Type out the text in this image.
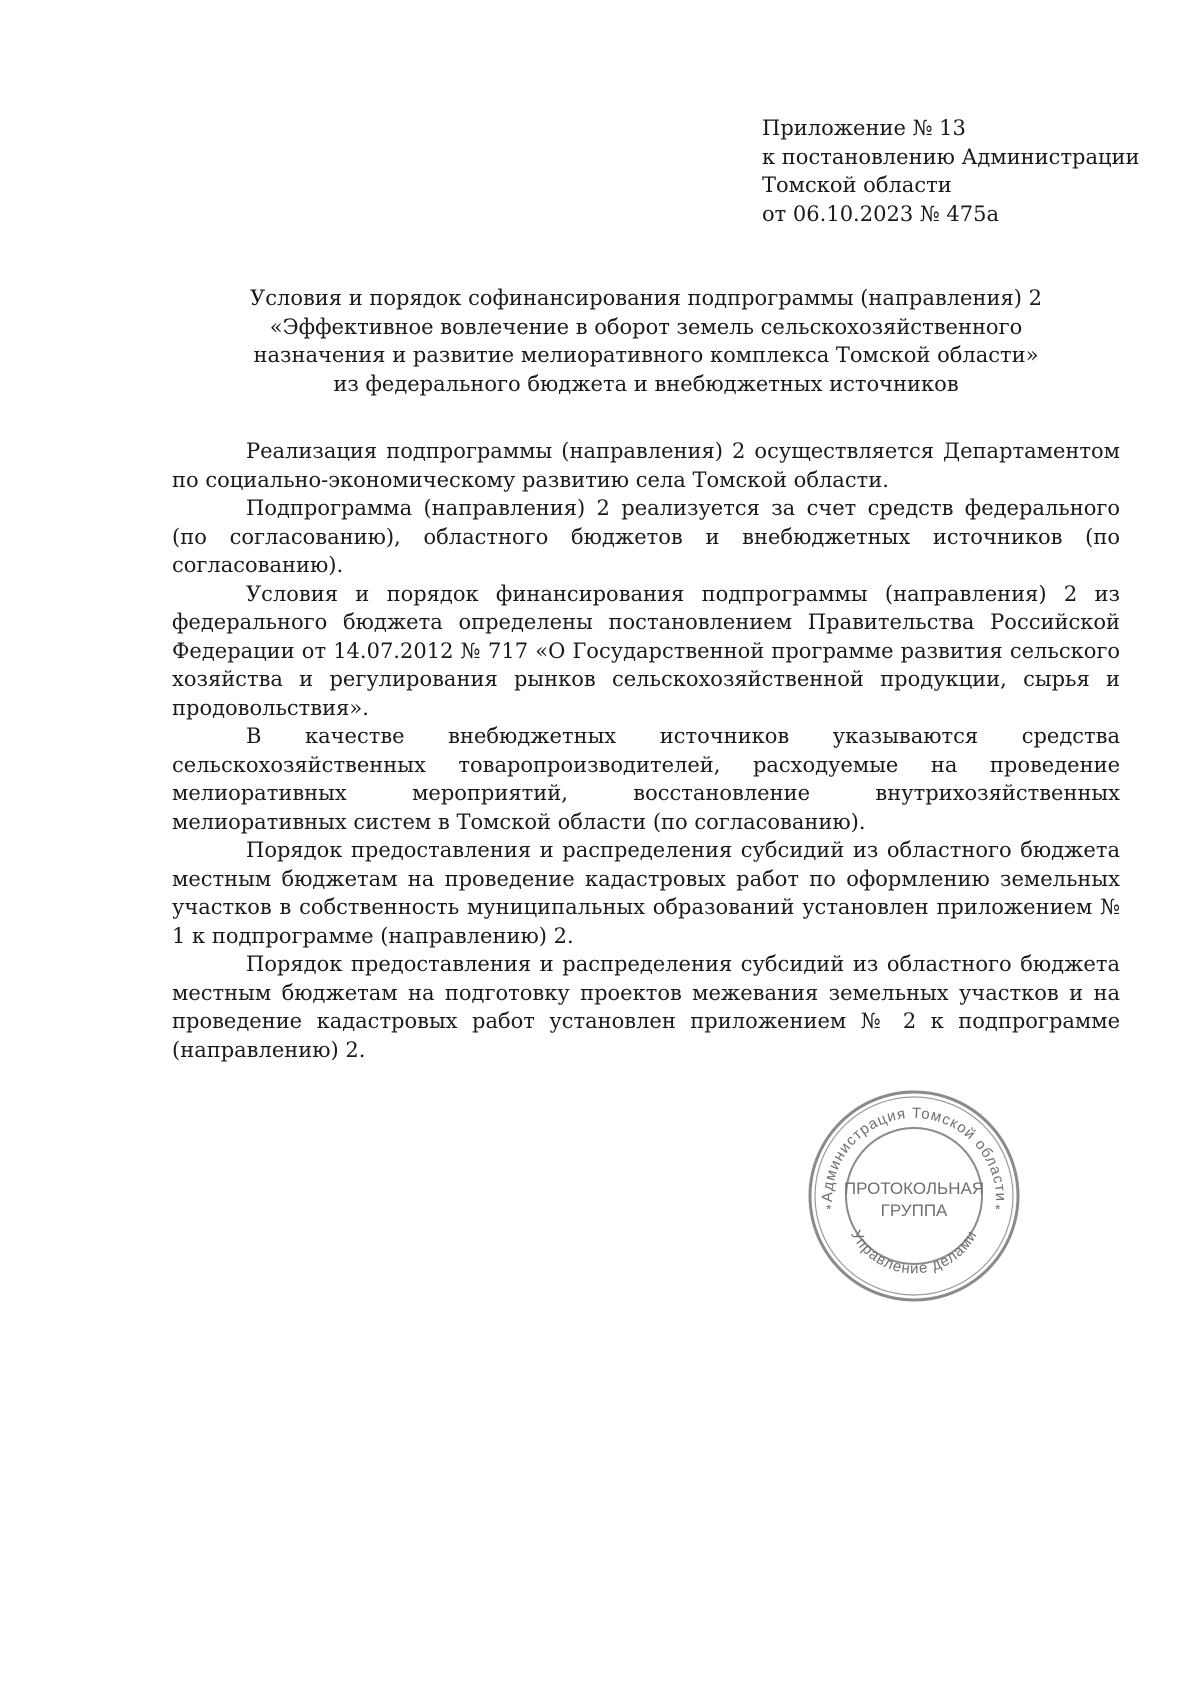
Приложение № 13
к постановлению Администрации
Томской области
от 06.10.2023 № 475а
Условия и порядок софинансирования подпрограммы (направления) 2
«Эффективное вовлечение в оборот земель сельскохозяйственного
назначения и развитие мелиоративного комплекса Томской области»
из федерального бюджета и внебюджетных источников

Реализация подпрограммы (направления) 2 осуществляется Департаментом по социально-экономическому развитию села Томской области.

Подпрограмма (направления) 2 реализуется за счет средств федерального (по согласованию), областного бюджетов и внебюджетных источников (по согласованию).

Условия и порядок финансирования подпрограммы (направления) 2 из федерального бюджета определены постановлением Правительства Российской Федерации от 14.07.2012 № 717 «О Государственной программе развития сельского хозяйства и регулирования рынков сельскохозяйственной продукции, сырья и продовольствия».

В качестве внебюджетных источников указываются средства сельскохозяйственных товаропроизводителей, расходуемые на проведение мелиоративных мероприятий, восстановление внутрихозяйственных мелиоративных систем в Томской области (по согласованию).

Порядок предоставления и распределения субсидий из областного бюджета местным бюджетам на проведение кадастровых работ по оформлению земельных участков в собственность муниципальных образований установлен приложением № 1 к подпрограмме (направлению) 2.

Порядок предоставления и распределения субсидий из областного бюджета местным бюджетам на подготовку проектов межевания земельных участков и на проведение кадастровых работ установлен приложением № 2 к подпрограмме (направлению) 2.

Администрация Томской области
Управление делами
*	*
ПРОТОКОЛЬНАЯ
ГРУППА
